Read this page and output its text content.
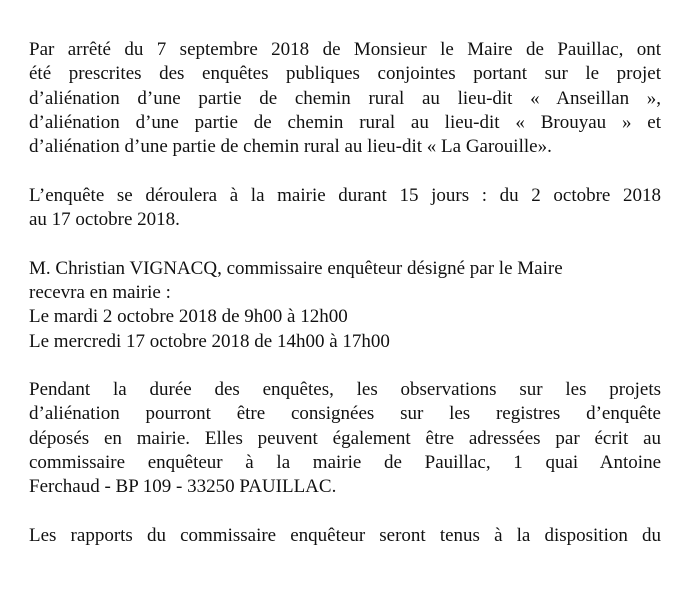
Par arrêté du 7 septembre 2018 de Monsieur le Maire de Pauillac, ont
été prescrites des enquêtes publiques conjointes portant sur le projet
d’aliénation d’une partie de chemin rural au lieu-dit « Anseillan »,
d’aliénation d’une partie de chemin rural au lieu-dit « Brouyau » et
d’aliénation d’une partie de chemin rural au lieu-dit « La Garouille».

L’enquête se déroulera à la mairie durant 15 jours : du 2 octobre 2018
au 17 octobre 2018.

M. Christian VIGNACQ, commissaire enquêteur désigné par le Maire
recevra en mairie :
Le mardi 2 octobre 2018 de 9h00 à 12h00
Le mercredi 17 octobre 2018 de 14h00 à 17h00

Pendant la durée des enquêtes, les observations sur les projets
d’aliénation pourront être consignées sur les registres d’enquête
déposés en mairie. Elles peuvent également être adressées par écrit au
commissaire enquêteur à la mairie de Pauillac, 1 quai Antoine
Ferchaud - BP 109 - 33250 PAUILLAC.

Les rapports du commissaire enquêteur seront tenus à la disposition du
